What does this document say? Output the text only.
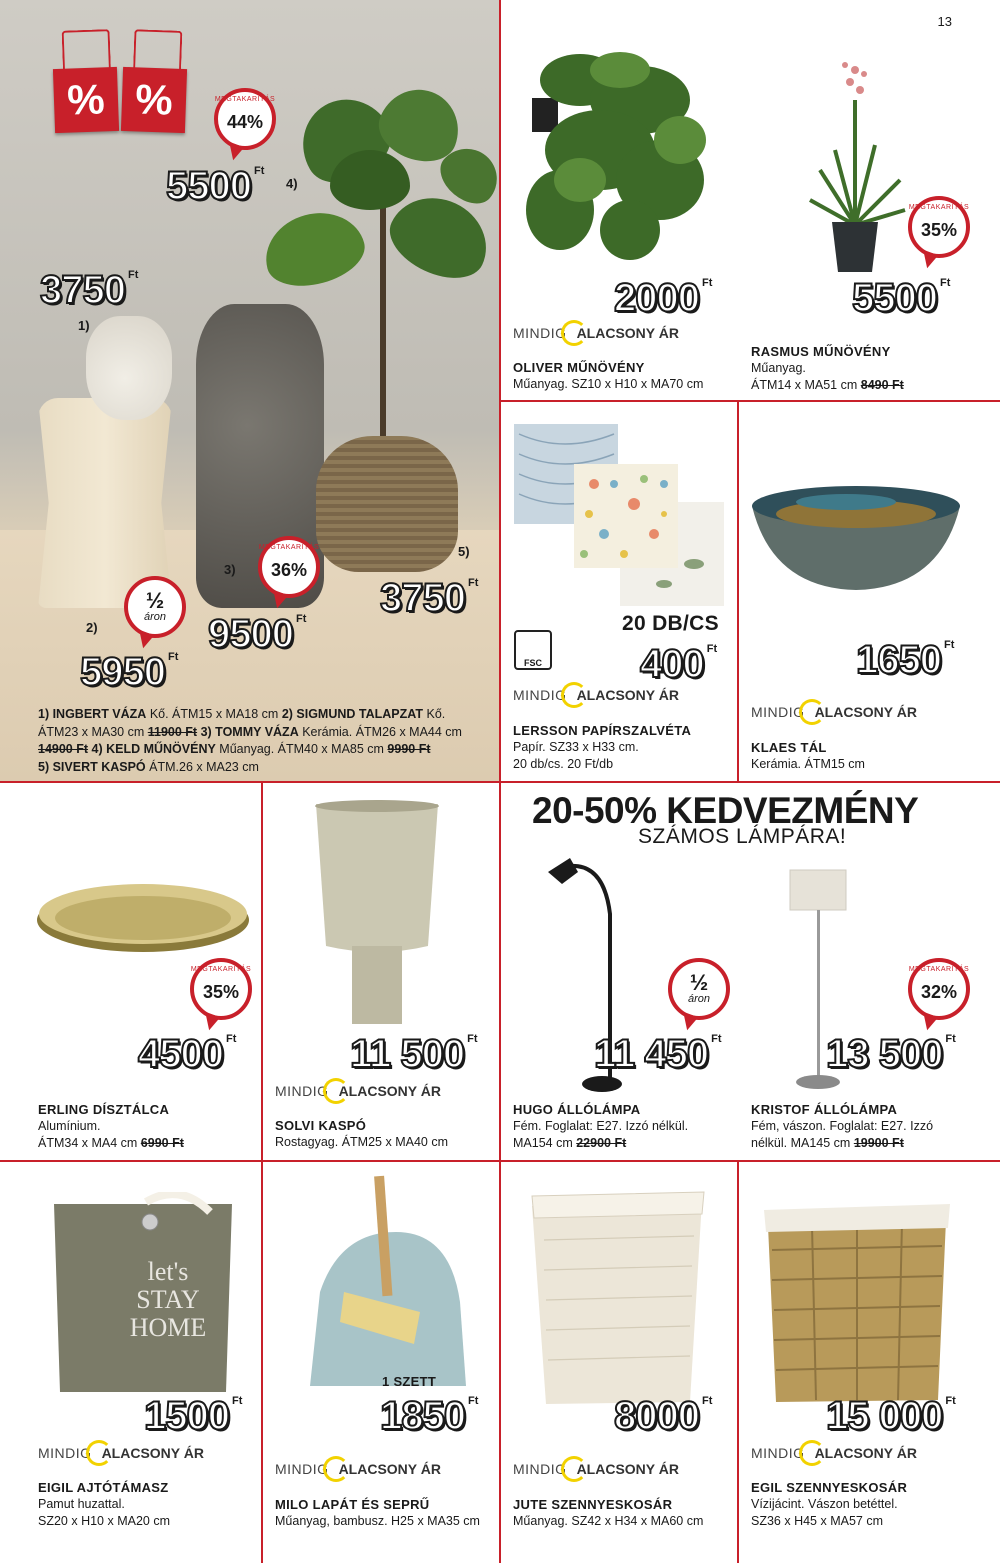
13
% %	MEGTAKARÍTÁS
44%
5500 $^{Ft}$
4)
3750 $^{Ft}$
1)
MEGTAKARÍTÁS
36%
3)
5)
½
áron	3750 $^{Ft}$
9500 $^{Ft}$
2)
5950 $^{Ft}$
1) INGBERT VÁZA Kő. ÁTM15 x MA18 cm 2) SIGMUND TALAPZAT Kő. ÁTM23 x MA30 cm 11900 Ft 3) TOMMY VÁZA Kerámia. ÁTM26 x MA44 cm 14900 Ft 4) KELD MŰNÖVÉNY Műanyag. ÁTM40 x MA85 cm 9990 Ft
5) SIVERT KASPÓ ÁTM.26 x MA23 cm
2000 $^{Ft}$
MINDIG ALACSONY ÁR
OLIVER MŰNÖVÉNY
Műanyag. SZ10 x H10 x MA70 cm
MEGTAKARÍTÁS
35%
5500 $^{Ft}$
RASMUS MŰNÖVÉNY
Műanyag.
ÁTM14 x MA51 cm 8490 Ft
20 DB/CS
FSC 400 $^{Ft}$
MINDIG ALACSONY ÁR
LERSSON PAPÍRSZALVÉTA
Papír. SZ33 x H33 cm.
20 db/cs. 20 Ft/db
1650 $^{Ft}$
MINDIG ALACSONY ÁR
KLAES TÁL
Kerámia. ÁTM15 cm
MEGTAKARÍTÁS
35%
4500 $^{Ft}$
ERLING DÍSZTÁLCA
Alumínium.
ÁTM34 x MA4 cm 6990 Ft
11 500 $^{Ft}$
MINDIG ALACSONY ÁR
SOLVI KASPÓ
Rostagyag. ÁTM25 x MA40 cm
20-50% KEDVEZMÉNY
SZÁMOS LÁMPÁRA!
½
áron
11 450 $^{Ft}$
HUGO ÁLLÓLÁMPA
Fém. Foglalat: E27. Izzó nélkül.
MA154 cm 22900 Ft
MEGTAKARÍTÁS
32%
13 500 $^{Ft}$
KRISTOF ÁLLÓLÁMPA
Fém, vászon. Foglalat: E27. Izzó
nélkül. MA145 cm 19900 Ft
let's
STAY
HOME
1500 $^{Ft}$
MINDIG ALACSONY ÁR
EIGIL AJTÓTÁMASZ
Pamut huzattal.
SZ20 x H10 x MA20 cm
1 SZETT
1850 $^{Ft}$
MINDIG ALACSONY ÁR
MILO LAPÁT ÉS SEPRŰ
Műanyag, bambusz. H25 x MA35 cm
8000 $^{Ft}$
MINDIG ALACSONY ÁR
JUTE SZENNYESKOSÁR
Műanyag. SZ42 x H34 x MA60 cm
15 000 $^{Ft}$
MINDIG ALACSONY ÁR
EGIL SZENNYESKOSÁR
Vízijácint. Vászon betéttel.
SZ36 x H45 x MA57 cm
